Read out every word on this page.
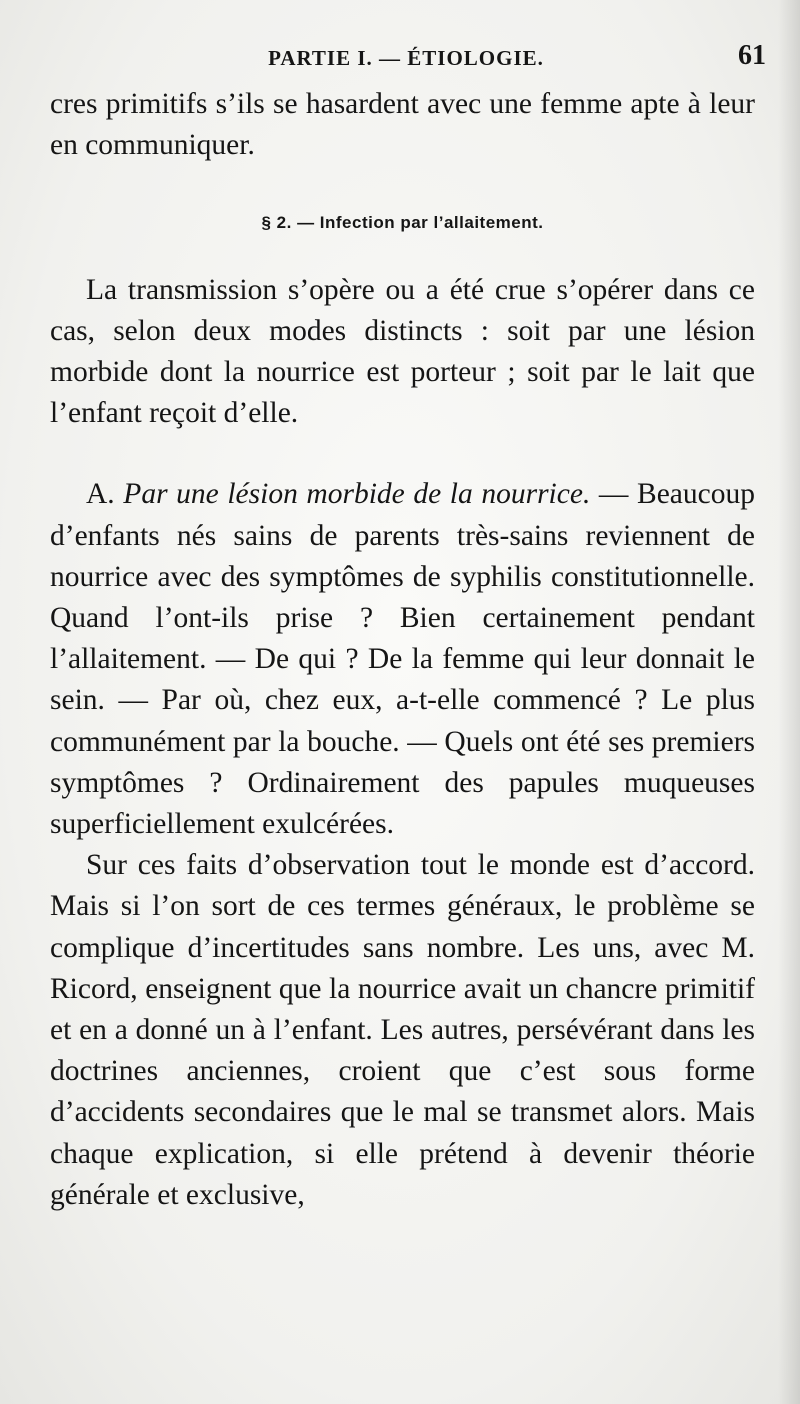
PARTIE I. — ÉTIOLOGIE.	61

cres primitifs s’ils se hasardent avec une femme apte à leur en communiquer.

§ 2. — Infection par l’allaitement.

La transmission s’opère ou a été crue s’opérer dans ce cas, selon deux modes distincts : soit par une lésion morbide dont la nourrice est porteur ; soit par le lait que l’enfant reçoit d’elle.

A. Par une lésion morbide de la nourrice. — Beaucoup d’enfants nés sains de parents très-sains reviennent de nourrice avec des symptômes de syphilis constitutionnelle. Quand l’ont-ils prise ? Bien certainement pendant l’allaitement. — De qui ? De la femme qui leur donnait le sein. — Par où, chez eux, a-t-elle commencé ? Le plus communément par la bouche. — Quels ont été ses premiers symptômes ? Ordinairement des papules muqueuses superficiellement exulcérées.

Sur ces faits d’observation tout le monde est d’accord. Mais si l’on sort de ces termes généraux, le problème se complique d’incertitudes sans nombre. Les uns, avec M. Ricord, enseignent que la nourrice avait un chancre primitif et en a donné un à l’enfant. Les autres, persévérant dans les doctrines anciennes, croient que c’est sous forme d’accidents secondaires que le mal se transmet alors. Mais chaque explication, si elle prétend à devenir théorie générale et exclusive,
